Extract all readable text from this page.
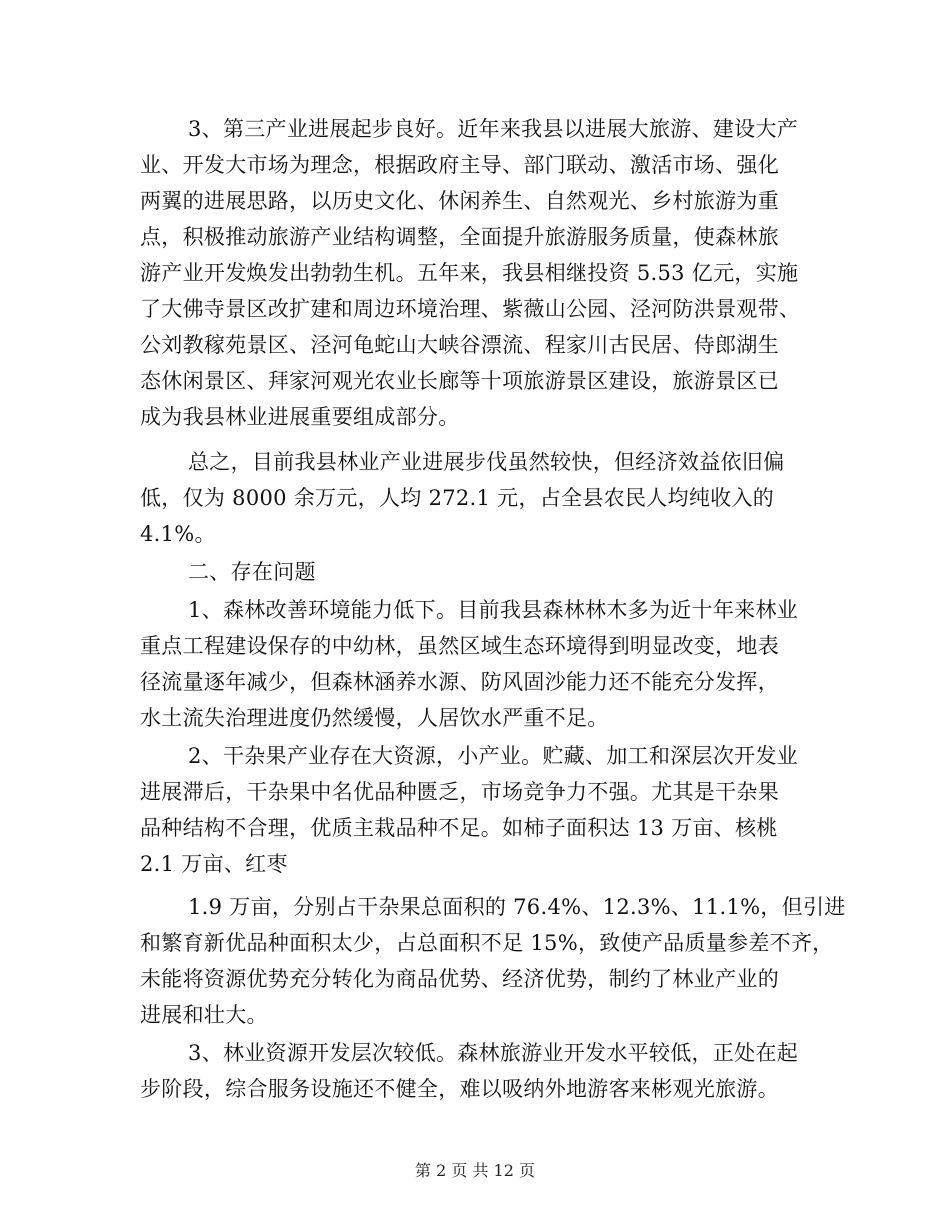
3、第三产业进展起步良好。近年来我县以进展大旅游、建设大产
业、开发大市场为理念，根据政府主导、部门联动、激活市场、强化
两翼的进展思路，以历史文化、休闲养生、自然观光、乡村旅游为重
点，积极推动旅游产业结构调整，全面提升旅游服务质量，使森林旅
游产业开发焕发出勃勃生机。五年来，我县相继投资 5.53 亿元，实施
了大佛寺景区改扩建和周边环境治理、紫薇山公园、泾河防洪景观带、
公刘教稼苑景区、泾河龟蛇山大峡谷漂流、程家川古民居、侍郎湖生
态休闲景区、拜家河观光农业长廊等十项旅游景区建设，旅游景区已
成为我县林业进展重要组成部分。
总之，目前我县林业产业进展步伐虽然较快，但经济效益依旧偏
低，仅为 8000 余万元，人均 272.1 元，占全县农民人均纯收入的
4.1%。
二、存在问题
1、森林改善环境能力低下。目前我县森林林木多为近十年来林业
重点工程建设保存的中幼林，虽然区域生态环境得到明显改变，地表
径流量逐年减少，但森林涵养水源、防风固沙能力还不能充分发挥，
水土流失治理进度仍然缓慢，人居饮水严重不足。
2、干杂果产业存在大资源，小产业。贮藏、加工和深层次开发业
进展滞后，干杂果中名优品种匮乏，市场竞争力不强。尤其是干杂果
品种结构不合理，优质主栽品种不足。如柿子面积达 13 万亩、核桃
2.1 万亩、红枣
1.9 万亩，分别占干杂果总面积的 76.4%、12.3%、11.1%，但引进
和繁育新优品种面积太少，占总面积不足 15%，致使产品质量参差不齐，
未能将资源优势充分转化为商品优势、经济优势，制约了林业产业的
进展和壮大。
3、林业资源开发层次较低。森林旅游业开发水平较低，正处在起
步阶段，综合服务设施还不健全，难以吸纳外地游客来彬观光旅游。
第 2 页 共 12 页
